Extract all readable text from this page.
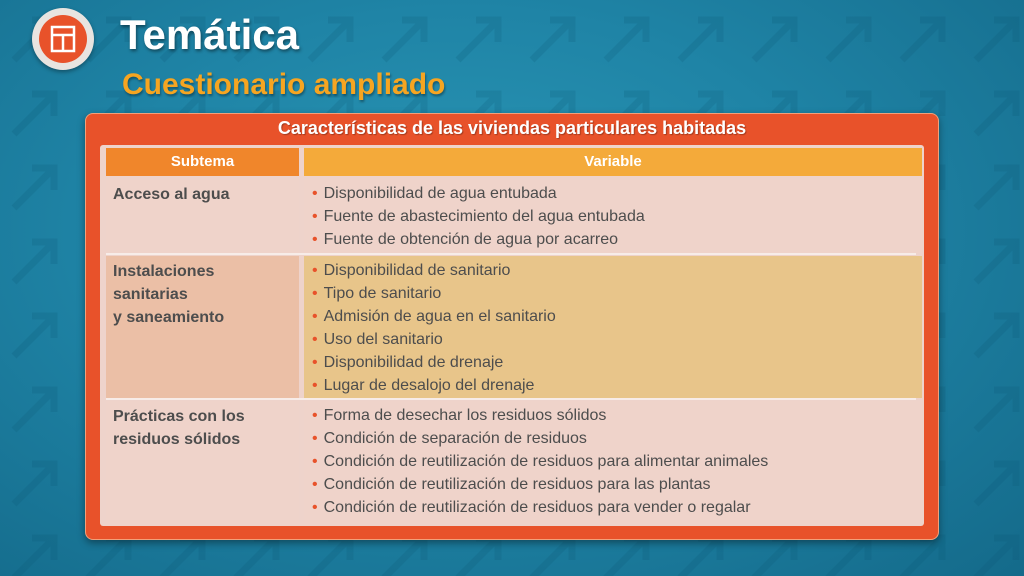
Temática
Cuestionario ampliado
Características de las viviendas particulares habitadas
Subtema	Variable
Acceso al agua	• Disponibilidad de agua entubada
• Fuente de abastecimiento del agua entubada
• Fuente de obtención de agua por acarreo
Instalaciones
sanitarias
y saneamiento
• Disponibilidad de sanitario
• Tipo de sanitario
• Admisión de agua en el sanitario
• Uso del sanitario
• Disponibilidad de drenaje
• Lugar de desalojo del drenaje
Prácticas con los
residuos sólidos
• Forma de desechar los residuos sólidos
• Condición de separación de residuos
• Condición de reutilización de residuos para alimentar animales
• Condición de reutilización de residuos para las plantas
• Condición de reutilización de residuos para vender o regalar
